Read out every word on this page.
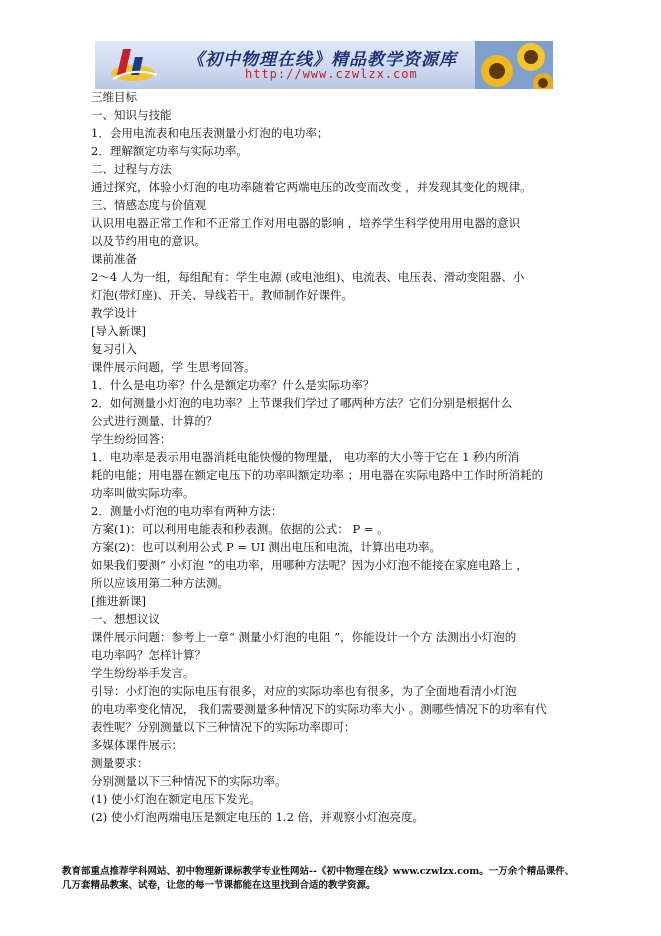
《初中物理在线》精品教学资源库
http://www.czwlzx.com
三维目标
一、知识与技能
1．会用电流表和电压表测量小灯泡的电功率；
2．理解额定功率与实际功率。
二、过程与方法
通过探究，体验小灯泡的电功率随着它两端电压的改变而改变 ，并发现其变化的规律。
三、情感态度与价值观
认识用电器正常工作和不正常工作对用电器的影响 ，培养学生科学使用用电器的意识
以及节约用电的意识。
课前准备
2～4 人为一组，每组配有：学生电源 (或电池组)、电流表、电压表、滑动变阻器、小
灯泡(带灯座)、开关、导线若干。教师制作好课件。
教学设计
[导入新课]
复习引入
课件展示问题，学 生思考回答。
1．什么是电功率？什么是额定功率？什么是实际功率？
2．如何测量小灯泡的电功率？上节课我们学过了哪两种方法？它们分别是根据什么
公式进行测量、计算的？
学生纷纷回答：
1．电功率是表示用电器消耗电能快慢的物理量， 电功率的大小等于它在 1 秒内所消
耗的电能；用电器在额定电压下的功率叫额定功率 ；用电器在实际电路中工作时所消耗的
功率叫做实际功率。
2．测量小灯泡的电功率有两种方法：
方案(1)：可以利用电能表和秒表测。依据的公式： P = 。
方案(2)：也可以利用公式 P = UI 测出电压和电流，计算出电功率。
如果我们要测“ 小灯泡 ”的电功率，用哪种方法呢？因为小灯泡不能接在家庭电路上 ，
所以应该用第二种方法测。
[推进新课]
一、想想议议
课件展示问题：参考上一章“ 测量小灯泡的电阻 ”，你能设计一个方 法测出小灯泡的
电功率吗？怎样计算？
学生纷纷举手发言。
引导：小灯泡的实际电压有很多，对应的实际功率也有很多，为了全面地看清小灯泡
的电功率变化情况， 我们需要测量多种情况下的实际功率大小 。测哪些情况下的功率有代
表性呢？分别测量以下三种情况下的实际功率即可：
多媒体课件展示：
测量要求：
分别测量以下三种情况下的实际功率。
(1) 使小灯泡在额定电压下发光。
(2) 使小灯泡两端电压是额定电压的 1.2 倍，并观察小灯泡亮度。
教育部重点推荐学科网站、初中物理新课标教学专业性网站--《初中物理在线》www.czwlzx.com。一万余个精品课件、
几万套精品教案、试卷，让您的每一节课都能在这里找到合适的教学资源。
